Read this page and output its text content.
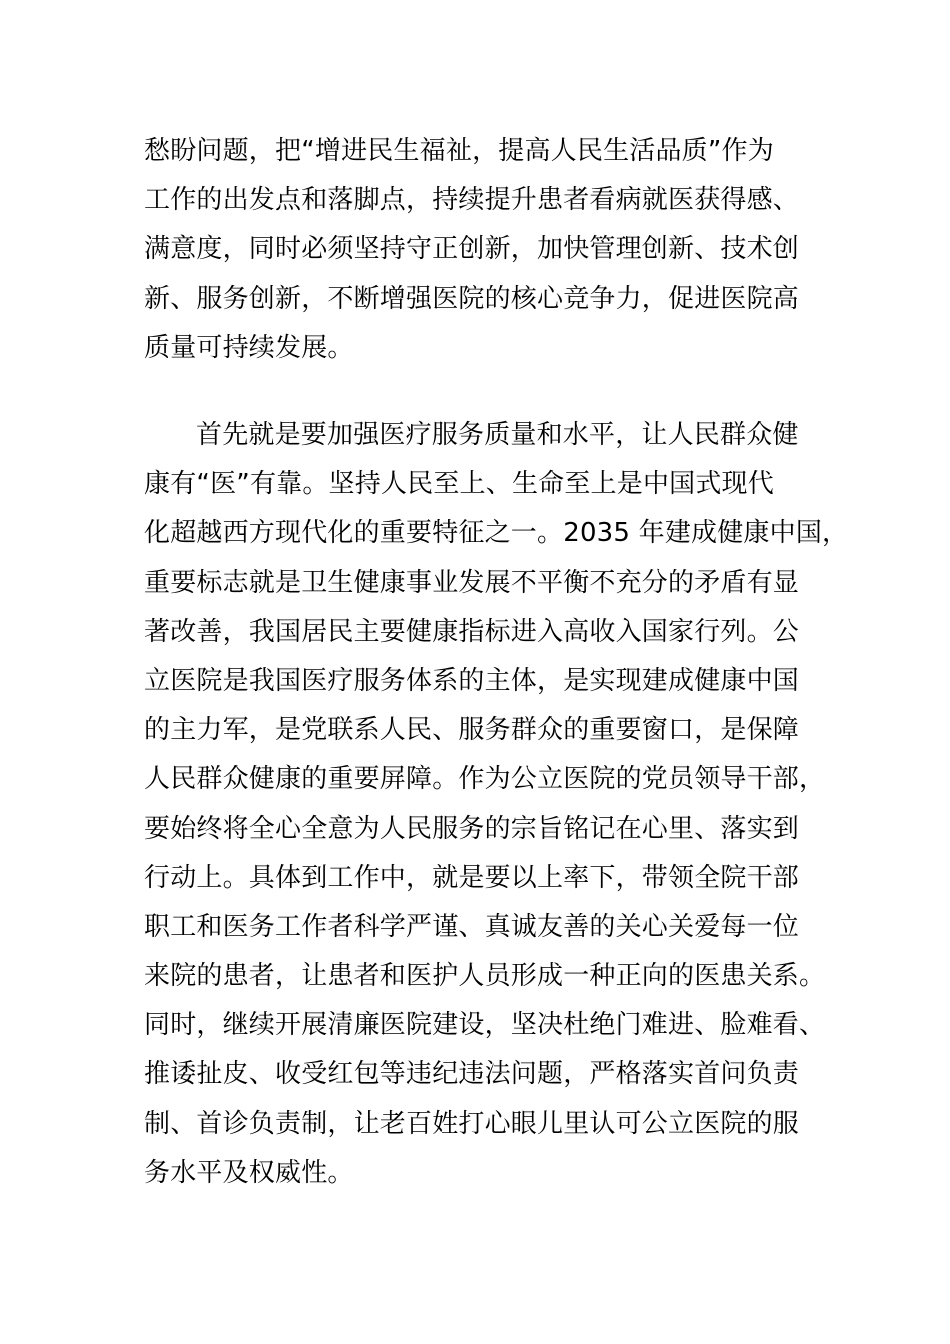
愁盼问题，把“增进民生福祉，提高人民生活品质”作为
工作的出发点和落脚点，持续提升患者看病就医获得感、
满意度，同时必须坚持守正创新，加快管理创新、技术创
新、服务创新，不断增强医院的核心竞争力，促进医院高
质量可持续发展。
首先就是要加强医疗服务质量和水平，让人民群众健
康有“医”有靠。坚持人民至上、生命至上是中国式现代
化超越西方现代化的重要特征之一。2035 年建成健康中国，
重要标志就是卫生健康事业发展不平衡不充分的矛盾有显
著改善，我国居民主要健康指标进入高收入国家行列。公
立医院是我国医疗服务体系的主体，是实现建成健康中国
的主力军，是党联系人民、服务群众的重要窗口，是保障
人民群众健康的重要屏障。作为公立医院的党员领导干部，
要始终将全心全意为人民服务的宗旨铭记在心里、落实到
行动上。具体到工作中，就是要以上率下，带领全院干部
职工和医务工作者科学严谨、真诚友善的关心关爱每一位
来院的患者，让患者和医护人员形成一种正向的医患关系。
同时，继续开展清廉医院建设，坚决杜绝门难进、脸难看、
推诿扯皮、收受红包等违纪违法问题，严格落实首问负责
制、首诊负责制，让老百姓打心眼儿里认可公立医院的服
务水平及权威性。
